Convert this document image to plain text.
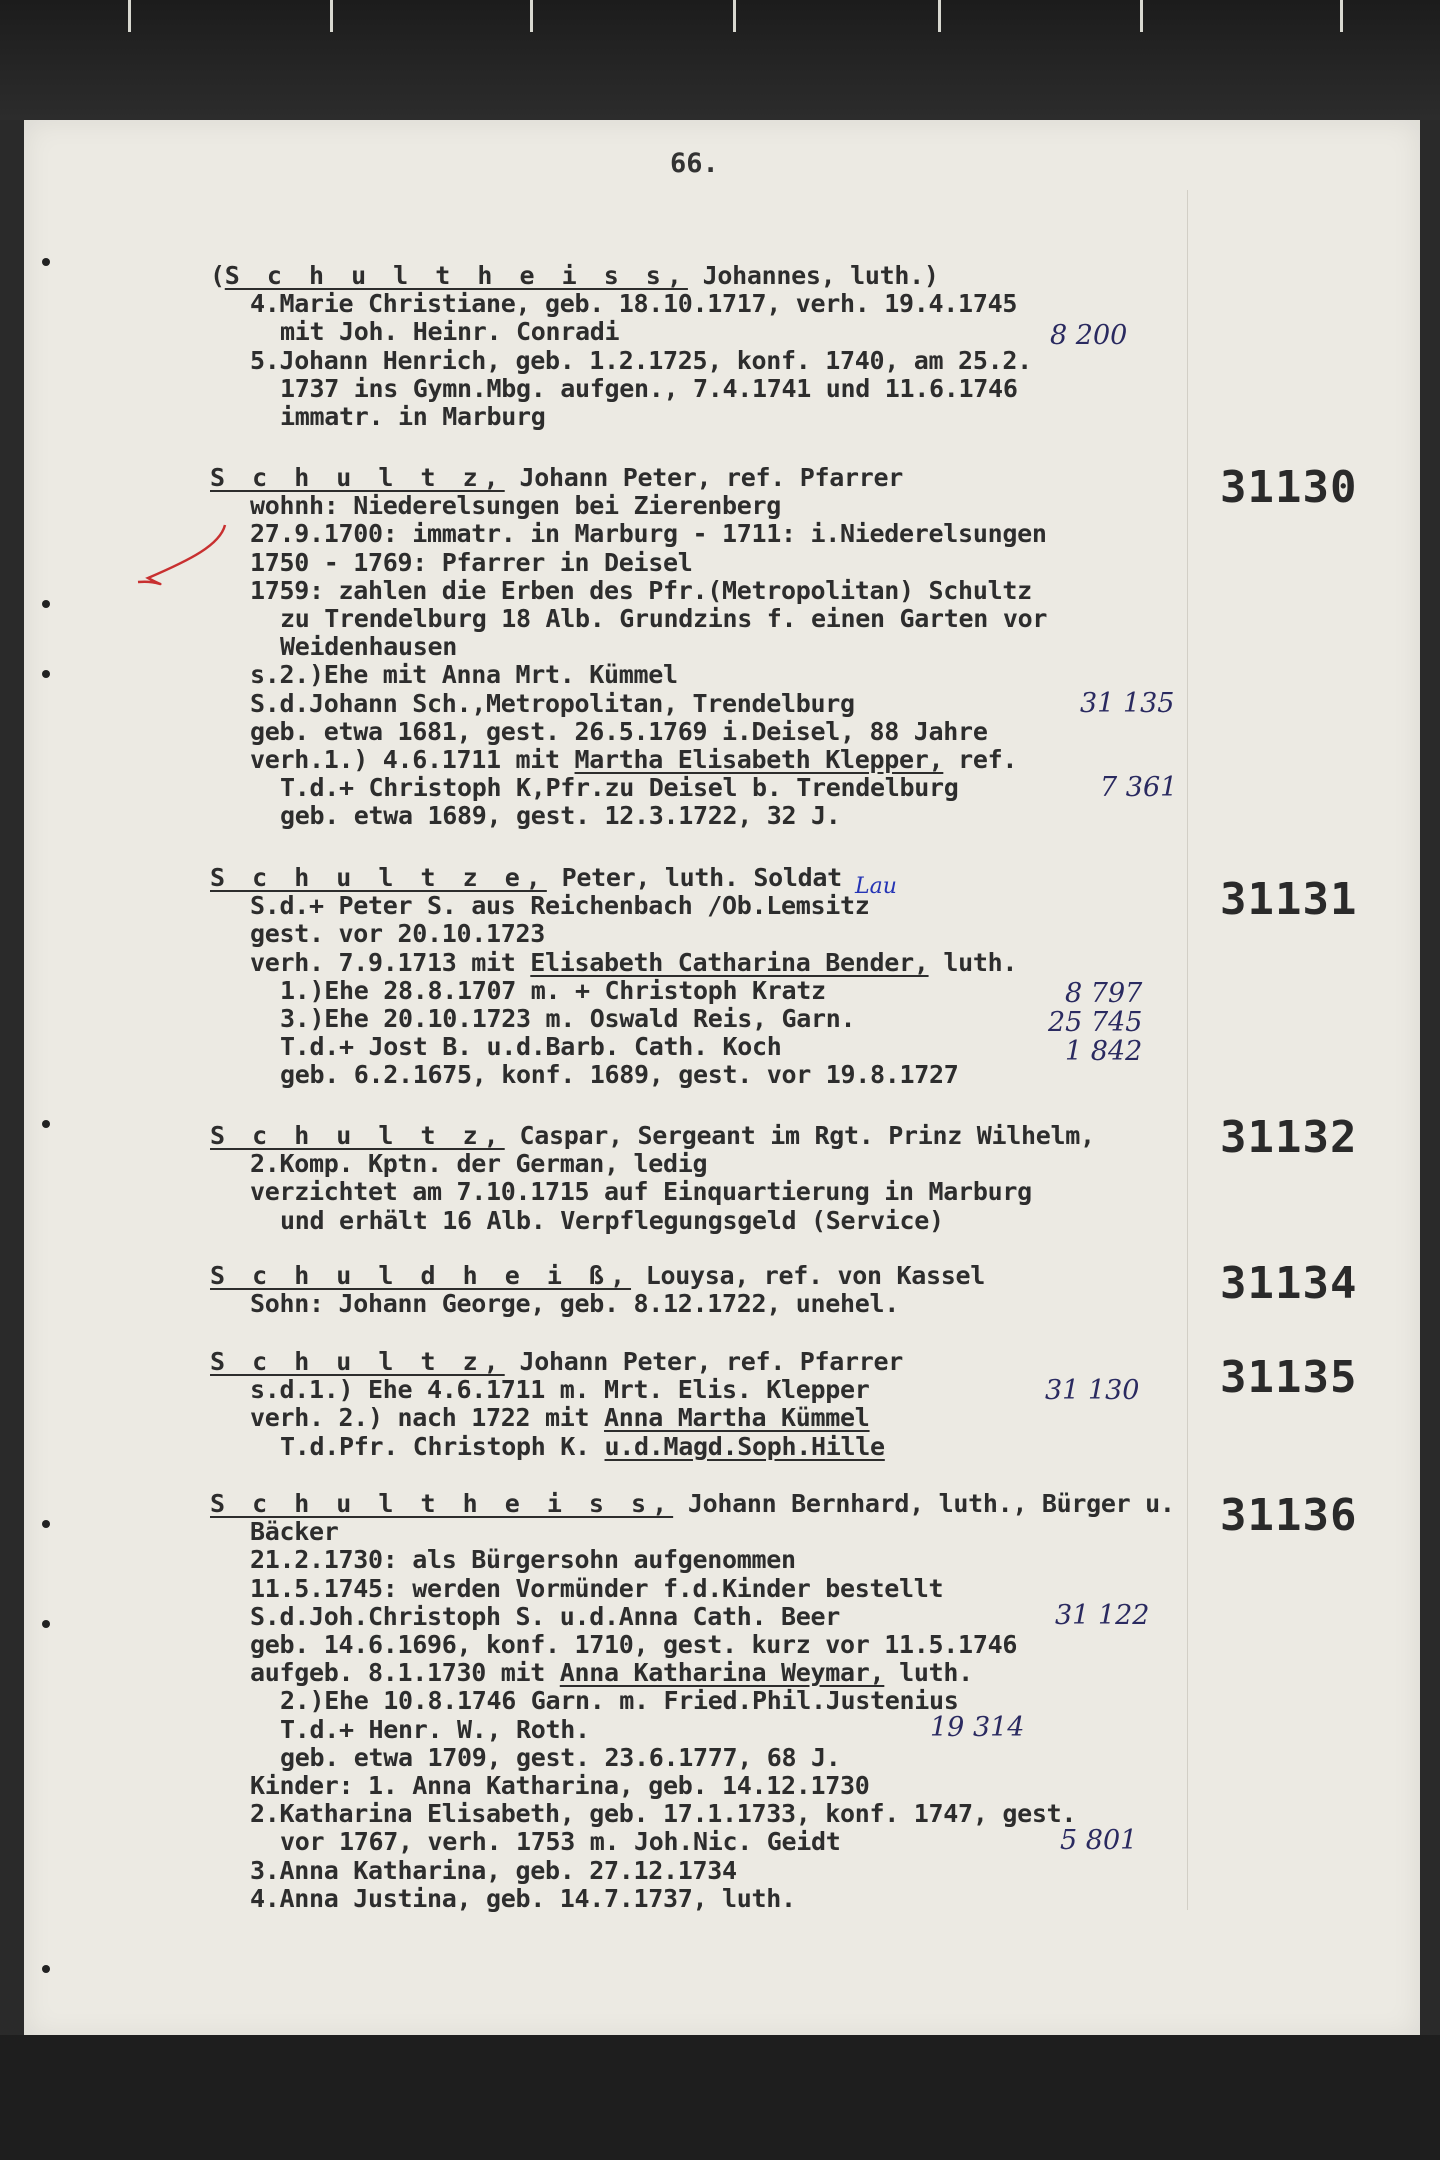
66.
(S c h u l t h e i s s, Johannes, luth.)
4.Marie Christiane, geb. 18.10.1717, verh. 19.4.1745
mit Joh. Heinr. Conradi
5.Johann Henrich, geb. 1.2.1725, konf. 1740, am 25.2.
1737 ins Gymn.Mbg. aufgen., 7.4.1741 und 11.6.1746
immatr. in Marburg
8 200
S c h u l t z, Johann Peter, ref. Pfarrer
wohnh: Niederelsungen bei Zierenberg
27.9.1700: immatr. in Marburg - 1711: i.Niederelsungen
1750 - 1769: Pfarrer in Deisel
1759: zahlen die Erben des Pfr.(Metropolitan) Schultz
zu Trendelburg 18 Alb. Grundzins f. einen Garten vor
Weidenhausen
s.2.)Ehe mit Anna Mrt. Kümmel
S.d.Johann Sch.,Metropolitan, Trendelburg
geb. etwa 1681, gest. 26.5.1769 i.Deisel, 88 Jahre
verh.1.) 4.6.1711 mit Martha Elisabeth Klepper, ref.
T.d.+ Christoph K,Pfr.zu Deisel b. Trendelburg
geb. etwa 1689, gest. 12.3.1722, 32 J.
31130
31 135
7 361
S c h u l t z e, Peter, luth. Soldat
S.d.+ Peter S. aus Reichenbach /Ob.Lemsitz
gest. vor 20.10.1723
verh. 7.9.1713 mit Elisabeth Catharina Bender, luth.
1.)Ehe 28.8.1707 m. + Christoph Kratz
3.)Ehe 20.10.1723 m. Oswald Reis, Garn.
T.d.+ Jost B. u.d.Barb. Cath. Koch
geb. 6.2.1675, konf. 1689, gest. vor 19.8.1727
31131
Lau
8 797
25 745
1 842
S c h u l t z, Caspar, Sergeant im Rgt. Prinz Wilhelm,
2.Komp. Kptn. der German, ledig
verzichtet am 7.10.1715 auf Einquartierung in Marburg
und erhält 16 Alb. Verpflegungsgeld (Service)
31132
S c h u l d h e i ß, Louysa, ref. von Kassel
Sohn: Johann George, geb. 8.12.1722, unehel.	31134
S c h u l t z, Johann Peter, ref. Pfarrer
s.d.1.) Ehe 4.6.1711 m. Mrt. Elis. Klepper
verh. 2.) nach 1722 mit Anna Martha Kümmel
T.d.Pfr. Christoph K. u.d.Magd.Soph.Hille
31135
31 130
S c h u l t h e i s s, Johann Bernhard, luth., Bürger u.
Bäcker
21.2.1730: als Bürgersohn aufgenommen
11.5.1745: werden Vormünder f.d.Kinder bestellt
S.d.Joh.Christoph S. u.d.Anna Cath. Beer
geb. 14.6.1696, konf. 1710, gest. kurz vor 11.5.1746
aufgeb. 8.1.1730 mit Anna Katharina Weymar, luth.
2.)Ehe 10.8.1746 Garn. m. Fried.Phil.Justenius
T.d.+ Henr. W., Roth.
geb. etwa 1709, gest. 23.6.1777, 68 J.
Kinder: 1. Anna Katharina, geb. 14.12.1730
2.Katharina Elisabeth, geb. 17.1.1733, konf. 1747, gest.
vor 1767, verh. 1753 m. Joh.Nic. Geidt
3.Anna Katharina, geb. 27.12.1734
4.Anna Justina, geb. 14.7.1737, luth.
31136
31 122
19 314
5 801
